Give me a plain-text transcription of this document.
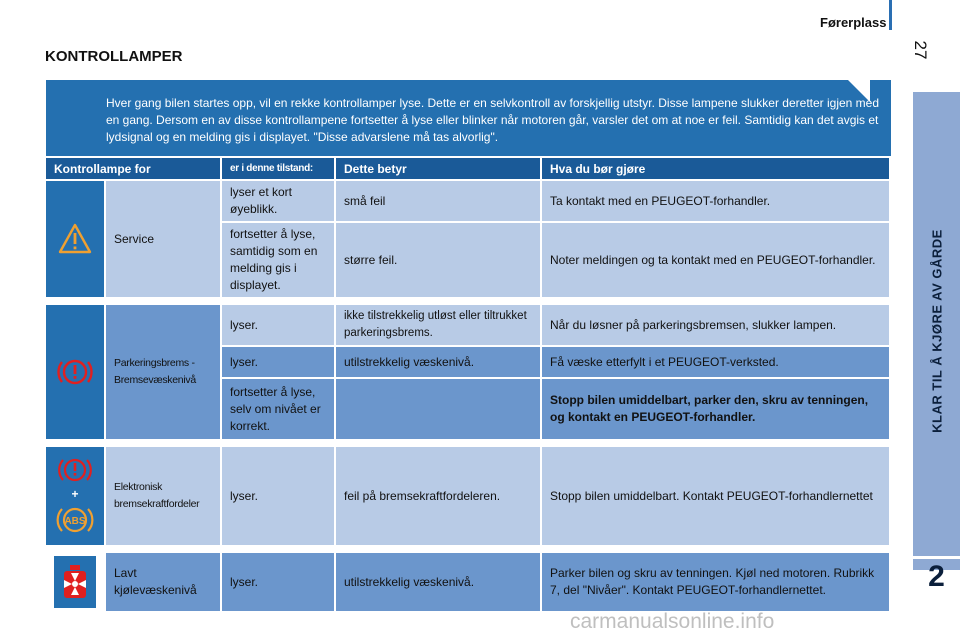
Førerplass
27
KLAR TIL Å KJØRE AV GÅRDE
2
KONTROLLAMPER
Hver gang bilen startes opp, vil en rekke kontrollamper lyse. Dette er en selvkontroll av forskjellig utstyr. Disse lampene slukker deretter igjen med en gang. Dersom en av disse kontrollampene fortsetter å lyse eller blinker når motoren går, varsler det om at noe er feil. Samtidig kan det avgis et lydsignal og en melding gis i displayet. "Disse advarslene må tas alvorlig".
Kontrollampe for		er i denne tilstand:	Dette betyr	Hva du bør gjøre

	Service	lyser et kort øyeblikk.	små feil	Ta kontakt med en PEUGEOT-forhandler.
		fortsetter å lyse, samtidig som en melding gis i displayet.	større feil.	Noter meldingen og ta kontakt med en PEUGEOT-forhandler.

	Parkeringsbrems - Bremsevæskenivå	lyser.	ikke tilstrekkelig utløst eller tiltrukket parkeringsbrems.	Når du løsner på parkeringsbremsen, slukker lampen.
		lyser.	utilstrekkelig væskenivå.	Få væske etterfylt i et PEUGEOT-verksted.
		fortsetter å lyse, selv om nivået er korrekt.		Stopp bilen umiddelbart, parker den, skru av tenningen, og kontakt en PEUGEOT-forhandler.

ABS
+	Elektronisk bremsekraftfordeler	lyser.	feil på bremsekraftfordeleren.	Stopp bilen umiddelbart. Kontakt PEUGEOT-forhandlernettet

	Lavt kjølevæskenivå	lyser.	utilstrekkelig væskenivå.	Parker bilen og skru av tenningen. Kjøl ned motoren. Rubrikk 7, del "Nivåer". Kontakt PEUGEOT-forhandlernettet.
carmanualsonline.info
